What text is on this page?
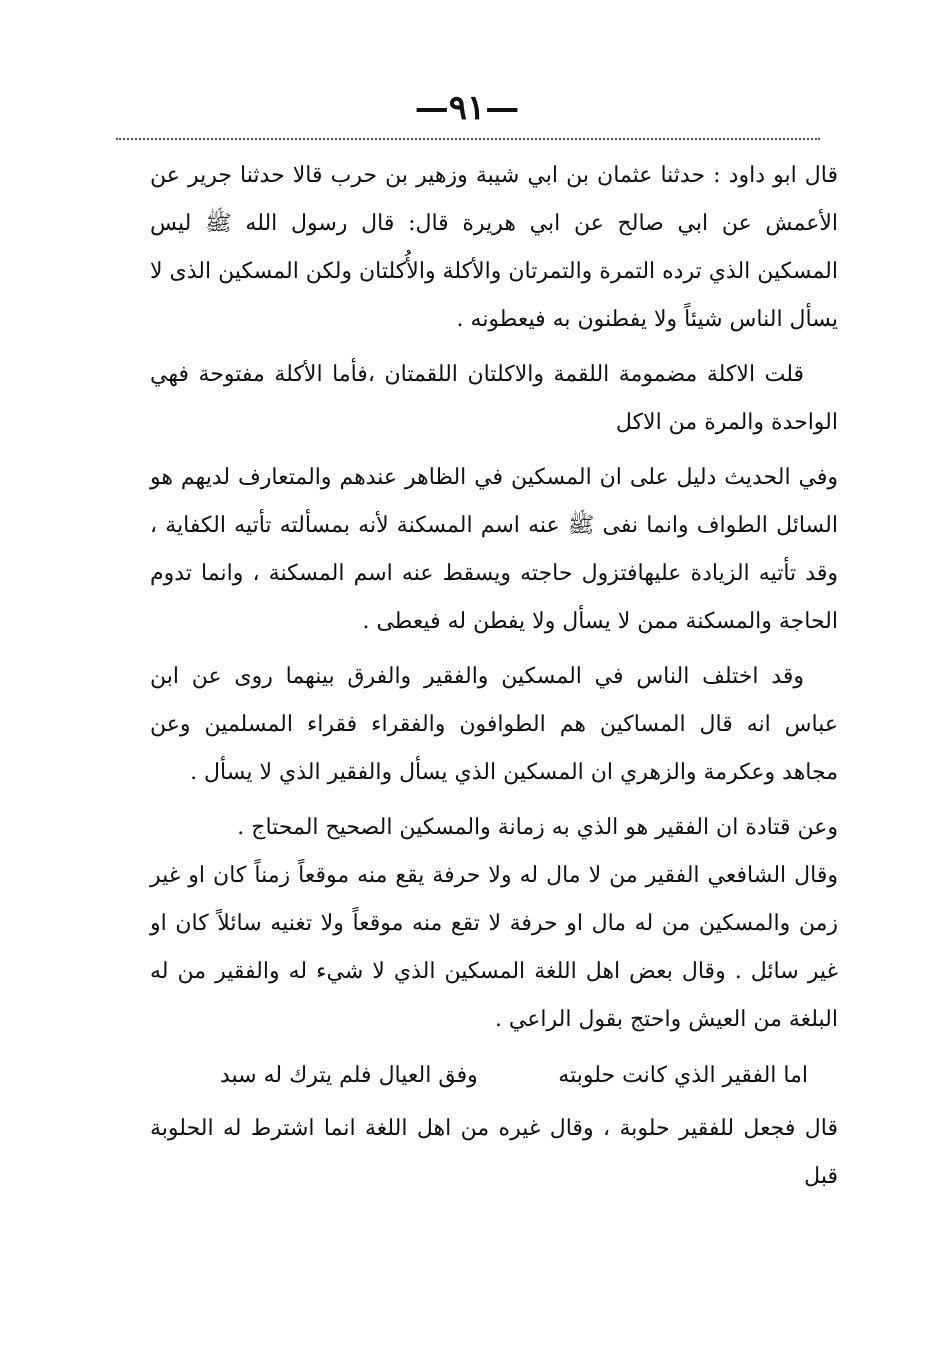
—٩١—

قال ابو داود : حدثنا عثمان بن ابي شيبة وزهير بن حرب قالا حدثنا جرير عن الأعمش عن ابي صالح عن ابي هريرة قال: قال رسول الله ﷺ ليس المسكين الذي ترده التمرة والتمرتان والأكلة والأُكلتان ولكن المسكين الذى لا يسأل الناس شيئاً ولا يفطنون به فيعطونه .

قلت الاكلة مضمومة اللقمة والاكلتان اللقمتان ،فأما الأكلة مفتوحة فهي الواحدة والمرة من الاكل

وفي الحديث دليل على ان المسكين في الظاهر عندهم والمتعارف لديهم هو السائل الطواف وانما نفى ﷺ عنه اسم المسكنة لأنه بمسألته تأتيه الكفاية ، وقد تأتيه الزيادة عليهافتزول حاجته ويسقط عنه اسم المسكنة ، وانما تدوم الحاجة والمسكنة ممن لا يسأل ولا يفطن له فيعطى .

وقد اختلف الناس في المسكين والفقير والفرق بينهما روى عن ابن عباس انه قال المساكين هم الطوافون والفقراء فقراء المسلمين وعن مجاهد وعكرمة والزهري ان المسكين الذي يسأل والفقير الذي لا يسأل .

وعن قتادة ان الفقير هو الذي به زمانة والمسكين الصحيح المحتاج .

وقال الشافعي الفقير من لا مال له ولا حرفة يقع منه موقعاً زمناً كان او غير زمن والمسكين من له مال او حرفة لا تقع منه موقعاً ولا تغنيه سائلاً كان او غير سائل . وقال بعض اهل اللغة المسكين الذي لا شيء له والفقير من له البلغة من العيش واحتج بقول الراعي .

اما الفقير الذي كانت حلوبته
وفق العيال فلم يترك له سبد

قال فجعل للفقير حلوبة ، وقال غيره من اهل اللغة انما اشترط له الحلوبة قبل
